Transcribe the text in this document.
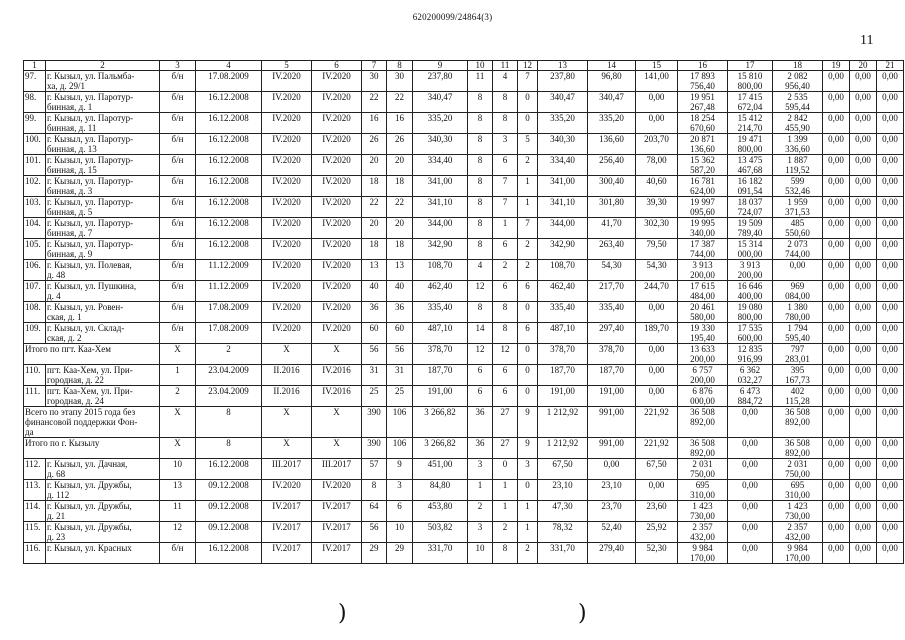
620200099/24864(3)
11
1	2	3	4	5	6	7	8	9	10	11	12	13	14	15	16	17	18	19	20	21
97.	г. Кызыл, ул. Пальмба-
ха, д. 29/1	б/н	17.08.2009	IV.2020	IV.2020	30	30	237,80	11	4	7	237,80	96,80	141,00	17 893
756,40	15 810
800,00	2 082
956,40	0,00	0,00	0,00
98.	г. Кызыл, ул. Паротур-
бинная, д. 1	б/н	16.12.2008	IV.2020	IV.2020	22	22	340,47	8	8	0	340,47	340,47	0,00	19 951
267,48	17 415
672,04	2 535
595,44	0,00	0,00	0,00
99.	г. Кызыл, ул. Паротур-
бинная, д. 11	б/н	16.12.2008	IV.2020	IV.2020	16	16	335,20	8	8	0	335,20	335,20	0,00	18 254
670,60	15 412
214,70	2 842
455,90	0,00	0,00	0,00
100.	г. Кызыл, ул. Паротур-
бинная, д. 13	б/н	16.12.2008	IV.2020	IV.2020	26	26	340,30	8	3	5	340,30	136,60	203,70	20 871
136,60	19 471
800,00	1 399
336,60	0,00	0,00	0,00
101.	г. Кызыл, ул. Паротур-
бинная, д. 15	б/н	16.12.2008	IV.2020	IV.2020	20	20	334,40	8	6	2	334,40	256,40	78,00	15 362
587,20	13 475
467,68	1 887
119,52	0,00	0,00	0,00
102.	г. Кызыл, ул. Паротур-
бинная, д. 3	б/н	16.12.2008	IV.2020	IV.2020	18	18	341,00	8	7	1	341,00	300,40	40,60	16 781
624,00	16 182
091,54	599
532,46	0,00	0,00	0,00
103.	г. Кызыл, ул. Паротур-
бинная, д. 5	б/н	16.12.2008	IV.2020	IV.2020	22	22	341,10	8	7	1	341,10	301,80	39,30	19 997
095,60	18 037
724,07	1 959
371,53	0,00	0,00	0,00
104.	г. Кызыл, ул. Паротур-
бинная, д. 7	б/н	16.12.2008	IV.2020	IV.2020	20	20	344,00	8	1	7	344,00	41,70	302,30	19 995
340,00	19 509
789,40	485
550,60	0,00	0,00	0,00
105.	г. Кызыл, ул. Паротур-
бинная, д. 9	б/н	16.12.2008	IV.2020	IV.2020	18	18	342,90	8	6	2	342,90	263,40	79,50	17 387
744,00	15 314
000,00	2 073
744,00	0,00	0,00	0,00
106.	г. Кызыл, ул. Полевая,
д. 48	б/н	11.12.2009	IV.2020	IV.2020	13	13	108,70	4	2	2	108,70	54,30	54,30	3 913
200,00	3 913
200,00	0,00	0,00	0,00	0,00
107.	г. Кызыл, ул. Пушкина,
д. 4	б/н	11.12.2009	IV.2020	IV.2020	40	40	462,40	12	6	6	462,40	217,70	244,70	17 615
484,00	16 646
400,00	969
084,00	0,00	0,00	0,00
108.	г. Кызыл, ул. Ровен-
ская, д. 1	б/н	17.08.2009	IV.2020	IV.2020	36	36	335,40	8	8	0	335,40	335,40	0,00	20 461
580,00	19 080
800,00	1 380
780,00	0,00	0,00	0,00
109.	г. Кызыл, ул. Склад-
ская, д. 2	б/н	17.08.2009	IV.2020	IV.2020	60	60	487,10	14	8	6	487,10	297,40	189,70	19 330
195,40	17 535
600,00	1 794
595,40	0,00	0,00	0,00

Итого по пгт. Каа-Хем		X	2	X	X	56	56	378,70	12	12	0	378,70	378,70	0,00	13 633
200,00	12 835
916,99	797
283,01	0,00	0,00	0,00
110.	пгт. Каа-Хем, ул. При-
городная, д. 22	1	23.04.2009	II.2016	IV.2016	31	31	187,70	6	6	0	187,70	187,70	0,00	6 757
200,00	6 362
032,27	395
167,73	0,00	0,00	0,00
111.	пгт. Каа-Хем, ул. При-
городная, д. 24	2	23.04.2009	II.2016	IV.2016	25	25	191,00	6	6	0	191,00	191,00	0,00	6 876
000,00	6 473
884,72	402
115,28	0,00	0,00	0,00

Всего по этапу 2015 года без
финансовой поддержки Фон-
да		X	8	X	X	390	106	3 266,82	36	27	9	1 212,92	991,00	221,92	36 508
892,00	0,00	36 508
892,00	0,00	0,00	0,00

Итого по г. Кызылу		X	8	X	X	390	106	3 266,82	36	27	9	1 212,92	991,00	221,92	36 508
892,00	0,00	36 508
892,00	0,00	0,00	0,00
112.	г. Кызыл, ул. Дачная,
д. 68	10	16.12.2008	III.2017	III.2017	57	9	451,00	3	0	3	67,50	0,00	67,50	2 031
750,00	0,00	2 031
750,00	0,00	0,00	0,00
113.	г. Кызыл, ул. Дружбы,
д. 112	13	09.12.2008	IV.2020	IV.2020	8	3	84,80	1	1	0	23,10	23,10	0,00	695
310,00	0,00	695
310,00	0,00	0,00	0,00
114.	г. Кызыл, ул. Дружбы,
д. 21	11	09.12.2008	IV.2017	IV.2017	64	6	453,80	2	1	1	47,30	23,70	23,60	1 423
730,00	0,00	1 423
730,00	0,00	0,00	0,00
115.	г. Кызыл, ул. Дружбы,
д. 23	12	09.12.2008	IV.2017	IV.2017	56	10	503,82	3	2	1	78,32	52,40	25,92	2 357
432,00	0,00	2 357
432,00	0,00	0,00	0,00
116.	г. Кызыл, ул. Красных	б/н	16.12.2008	IV.2017	IV.2017	29	29	331,70	10	8	2	331,70	279,40	52,30	9 984
170,00	0,00	9 984
170,00	0,00	0,00	0,00
)	)
